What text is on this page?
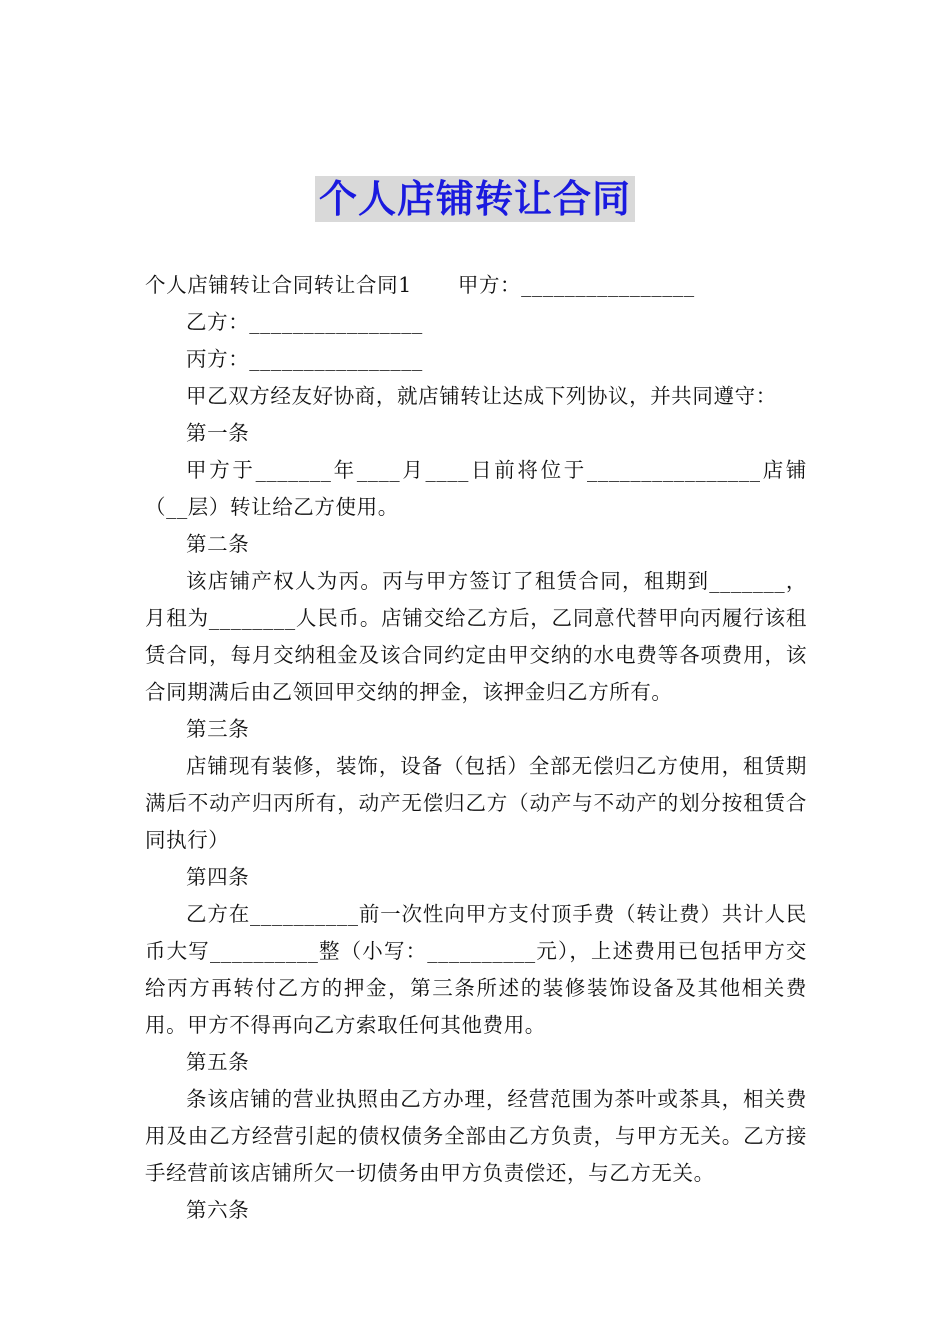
个人店铺转让合同

个人店铺转让合同转让合同1 甲方：________________

乙方：________________

丙方：________________

甲乙双方经友好协商，就店铺转让达成下列协议，并共同遵守：

第一条

甲方于_______年____月____日前将位于________________店铺（__层）转让给乙方使用。

第二条

该店铺产权人为丙。丙与甲方签订了租赁合同，租期到_______，月租为________人民币。店铺交给乙方后，乙同意代替甲向丙履行该租赁合同，每月交纳租金及该合同约定由甲交纳的水电费等各项费用，该合同期满后由乙领回甲交纳的押金，该押金归乙方所有。

第三条

店铺现有装修，装饰，设备（包括）全部无偿归乙方使用，租赁期满后不动产归丙所有，动产无偿归乙方（动产与不动产的划分按租赁合同执行）

第四条

乙方在__________前一次性向甲方支付顶手费（转让费）共计人民币大写__________整（小写：__________元），上述费用已包括甲方交给丙方再转付乙方的押金，第三条所述的装修装饰设备及其他相关费用。甲方不得再向乙方索取任何其他费用。

第五条

条该店铺的营业执照由乙方办理，经营范围为茶叶或茶具，相关费用及由乙方经营引起的债权债务全部由乙方负责，与甲方无关。乙方接手经营前该店铺所欠一切债务由甲方负责偿还，与乙方无关。

第六条
